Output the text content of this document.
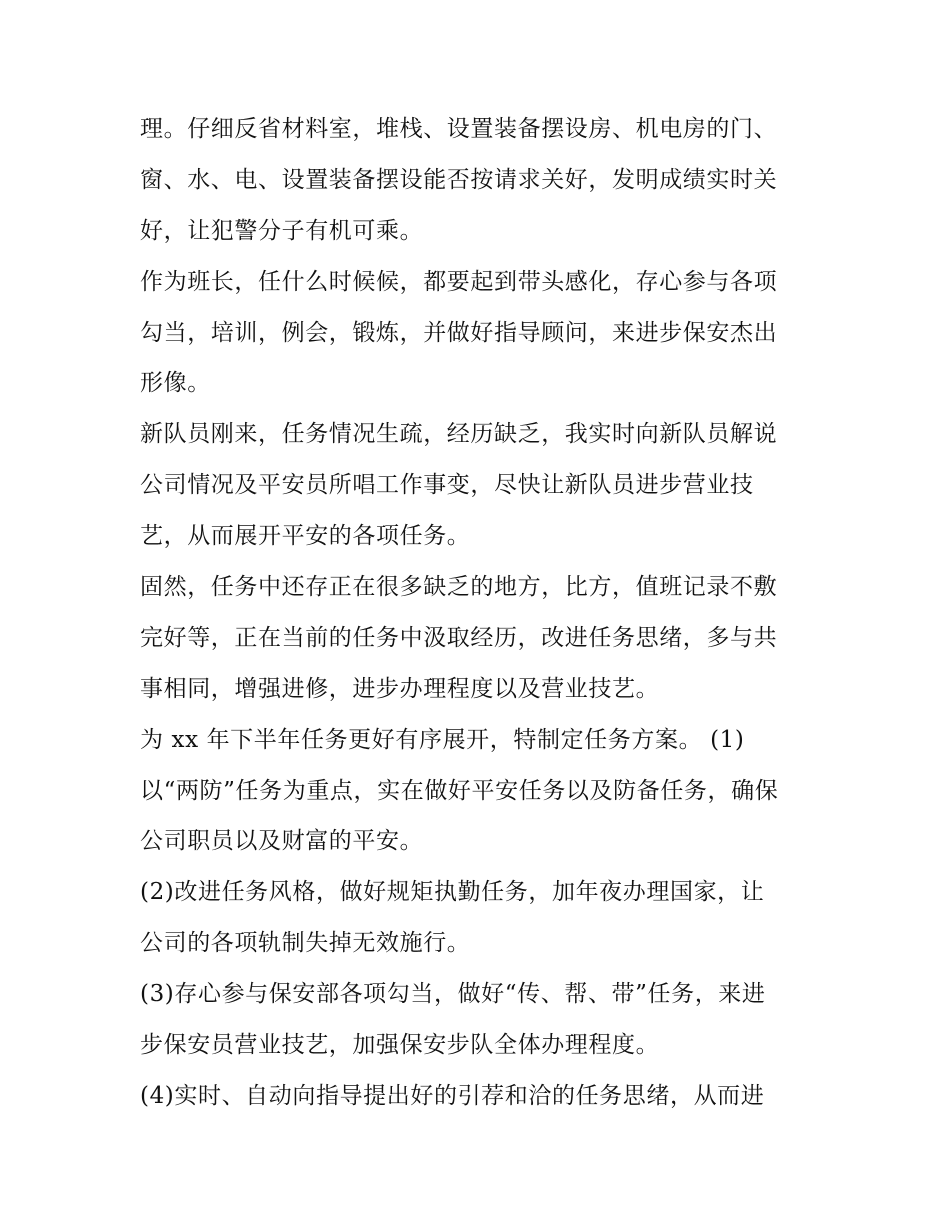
理。仔细反省材料室，堆栈、设置装备摆设房、机电房的门、
窗、水、电、设置装备摆设能否按请求关好，发明成绩实时关
好，让犯警分子有机可乘。
作为班长，任什么时候候，都要起到带头感化，存心参与各项
勾当，培训，例会，锻炼，并做好指导顾问，来进步保安杰出
形像。
新队员刚来，任务情况生疏，经历缺乏，我实时向新队员解说
公司情况及平安员所唱工作事变，尽快让新队员进步营业技
艺，从而展开平安的各项任务。
固然，任务中还存正在很多缺乏的地方，比方，值班记录不敷
完好等，正在当前的任务中汲取经历，改进任务思绪，多与共
事相同，增强进修，进步办理程度以及营业技艺。
为 xx 年下半年任务更好有序展开，特制定任务方案。 (1)
以“两防”任务为重点，实在做好平安任务以及防备任务，确保
公司职员以及财富的平安。
(2)改进任务风格，做好规矩执勤任务，加年夜办理国家，让
公司的各项轨制失掉无效施行。
(3)存心参与保安部各项勾当，做好“传、帮、带”任务，来进
步保安员营业技艺，加强保安步队全体办理程度。
(4)实时、自动向指导提出好的引荐和洽的任务思绪，从而进
